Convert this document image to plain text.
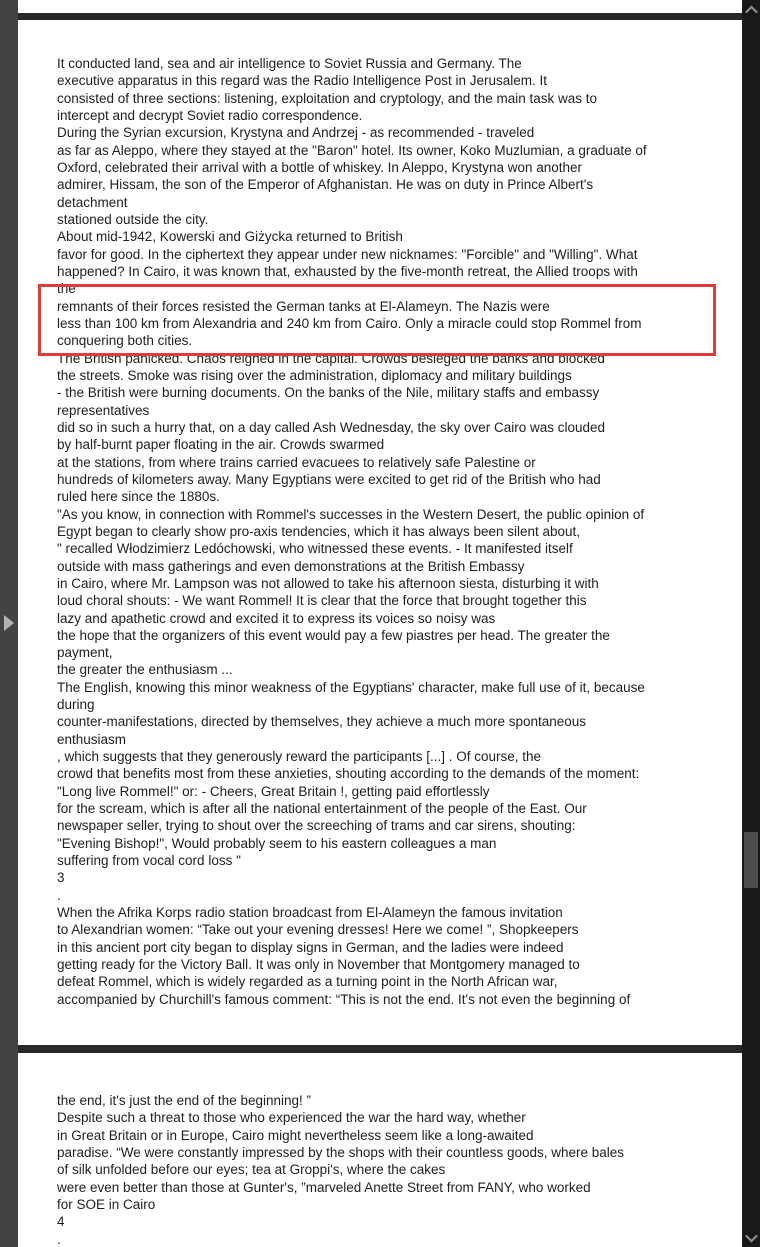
It conducted land, sea and air intelligence to Soviet Russia and Germany. The
executive apparatus in this regard was the Radio Intelligence Post in Jerusalem. It
consisted of three sections: listening, exploitation and cryptology, and the main task was to
intercept and decrypt Soviet radio correspondence.
During the Syrian excursion, Krystyna and Andrzej - as recommended - traveled
as far as Aleppo, where they stayed at the "Baron" hotel. Its owner, Koko Muzlumian, a graduate of
Oxford, celebrated their arrival with a bottle of whiskey. In Aleppo, Krystyna won another
admirer, Hissam, the son of the Emperor of Afghanistan. He was on duty in Prince Albert's
detachment
stationed outside the city.
About mid-1942, Kowerski and Giżycka returned to British
favor for good. In the ciphertext they appear under new nicknames: "Forcible" and "Willing". What
happened? In Cairo, it was known that, exhausted by the five-month retreat, the Allied troops with
the
remnants of their forces resisted the German tanks at El-Alameyn. The Nazis were
less than 100 km from Alexandria and 240 km from Cairo. Only a miracle could stop Rommel from
conquering both cities.
The British panicked. Chaos reigned in the capital. Crowds besieged the banks and blocked
the streets. Smoke was rising over the administration, diplomacy and military buildings
- the British were burning documents. On the banks of the Nile, military staffs and embassy
representatives
did so in such a hurry that, on a day called Ash Wednesday, the sky over Cairo was clouded
by half-burnt paper floating in the air. Crowds swarmed
at the stations, from where trains carried evacuees to relatively safe Palestine or
hundreds of kilometers away. Many Egyptians were excited to get rid of the British who had
ruled here since the 1880s.
"As you know, in connection with Rommel's successes in the Western Desert, the public opinion of
Egypt began to clearly show pro-axis tendencies, which it has always been silent about,
" recalled Włodzimierz Ledóchowski, who witnessed these events. - It manifested itself
outside with mass gatherings and even demonstrations at the British Embassy
in Cairo, where Mr. Lampson was not allowed to take his afternoon siesta, disturbing it with
loud choral shouts: - We want Rommel! It is clear that the force that brought together this
lazy and apathetic crowd and excited it to express its voices so noisy was
the hope that the organizers of this event would pay a few piastres per head. The greater the
payment,
the greater the enthusiasm ...
The English, knowing this minor weakness of the Egyptians' character, make full use of it, because
during
counter-manifestations, directed by themselves, they achieve a much more spontaneous
enthusiasm
, which suggests that they generously reward the participants [...] . Of course, the
crowd that benefits most from these anxieties, shouting according to the demands of the moment:
"Long live Rommel!" or: - Cheers, Great Britain !, getting paid effortlessly
for the scream, which is after all the national entertainment of the people of the East. Our
newspaper seller, trying to shout over the screeching of trams and car sirens, shouting:
"Evening Bishop!", Would probably seem to his eastern colleagues a man
suffering from vocal cord loss "
3
.
When the Afrika Korps radio station broadcast from El-Alameyn the famous invitation
to Alexandrian women: “Take out your evening dresses! Here we come! ”, Shopkeepers
in this ancient port city began to display signs in German, and the ladies were indeed
getting ready for the Victory Ball. It was only in November that Montgomery managed to
defeat Rommel, which is widely regarded as a turning point in the North African war,
accompanied by Churchill's famous comment: “This is not the end. It's not even the beginning of
the end, it's just the end of the beginning! ”
Despite such a threat to those who experienced the war the hard way, whether
in Great Britain or in Europe, Cairo might nevertheless seem like a long-awaited
paradise. “We were constantly impressed by the shops with their countless goods, where bales
of silk unfolded before our eyes; tea at Groppi's, where the cakes
were even better than those at Gunter's, ”marveled Anette Street from FANY, who worked
for SOE in Cairo
4
.
